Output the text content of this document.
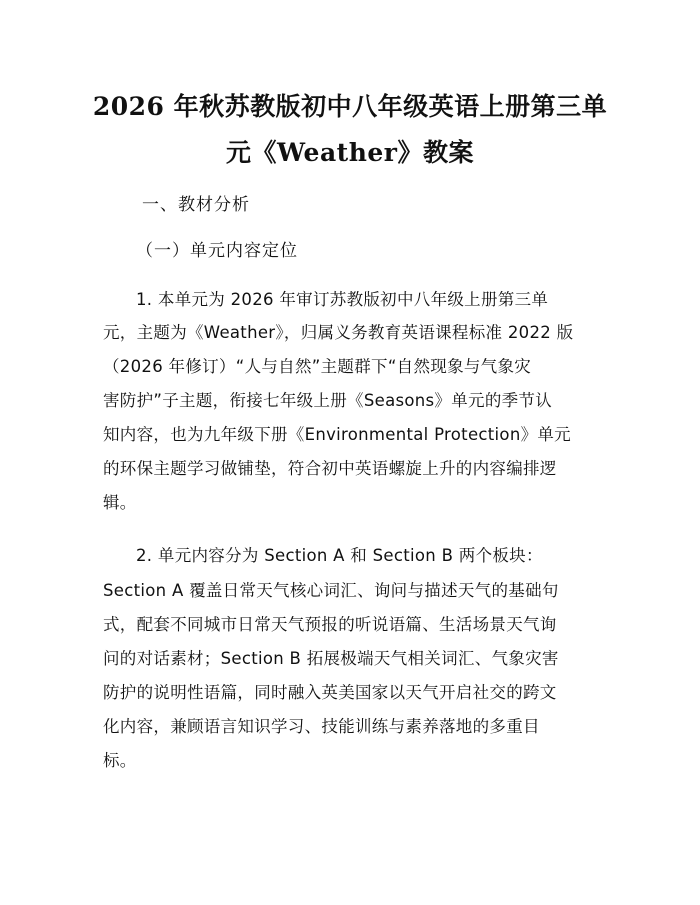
2026 年秋苏教版初中八年级英语上册第三单
元《Weather》教案
一、教材分析
（一）单元内容定位
1. 本单元为 2026 年审订苏教版初中八年级上册第三单
元，主题为《Weather》，归属义务教育英语课程标准 2022 版
（2026 年修订）“人与自然”主题群下“自然现象与气象灾
害防护”子主题，衔接七年级上册《Seasons》单元的季节认
知内容，也为九年级下册《Environmental Protection》单元
的环保主题学习做铺垫，符合初中英语螺旋上升的内容编排逻
辑。
2. 单元内容分为 Section A 和 Section B 两个板块：
Section A 覆盖日常天气核心词汇、询问与描述天气的基础句
式，配套不同城市日常天气预报的听说语篇、生活场景天气询
问的对话素材；Section B 拓展极端天气相关词汇、气象灾害
防护的说明性语篇，同时融入英美国家以天气开启社交的跨文
化内容，兼顾语言知识学习、技能训练与素养落地的多重目
标。
